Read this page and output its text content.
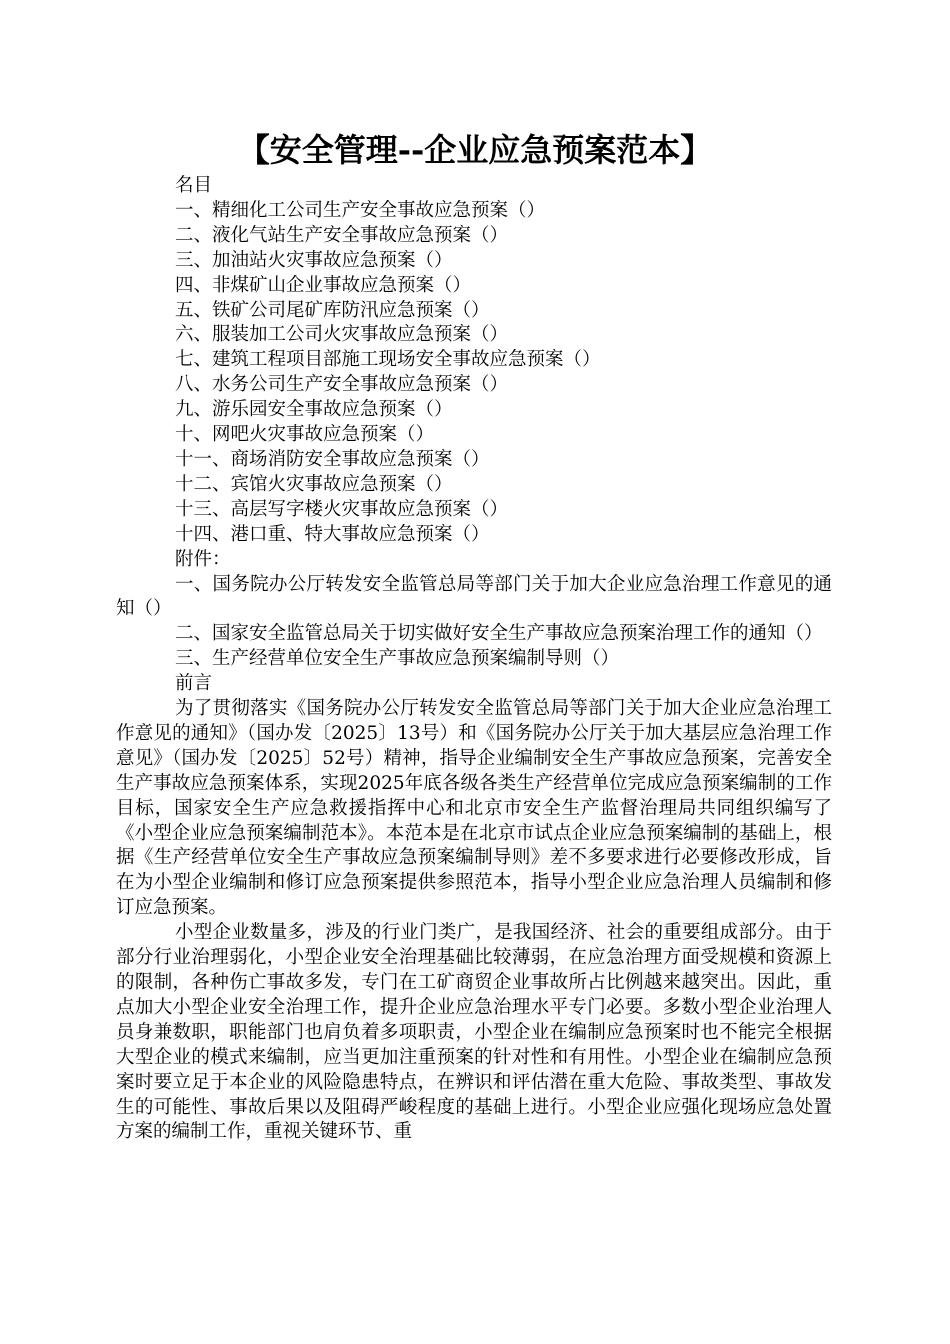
【安全管理--企业应急预案范本】
名目
一、精细化工公司生产安全事故应急预案（）
二、液化气站生产安全事故应急预案（）
三、加油站火灾事故应急预案（）
四、非煤矿山企业事故应急预案（）
五、铁矿公司尾矿库防汛应急预案（）
六、服装加工公司火灾事故应急预案（）
七、建筑工程项目部施工现场安全事故应急预案（）
八、水务公司生产安全事故应急预案（）
九、游乐园安全事故应急预案（）
十、网吧火灾事故应急预案（）
十一、商场消防安全事故应急预案（）
十二、宾馆火灾事故应急预案（）
十三、高层写字楼火灾事故应急预案（）
十四、港口重、特大事故应急预案（）
附件：

一、国务院办公厅转发安全监管总局等部门关于加大企业应急治理工作意见的通知（）

二、国家安全监管总局关于切实做好安全生产事故应急预案治理工作的通知（）

三、生产经营单位安全生产事故应急预案编制导则（）

前言

为了贯彻落实《国务院办公厅转发安全监管总局等部门关于加大企业应急治理工作意见的通知》（国办发〔2025〕13号）和《国务院办公厅关于加大基层应急治理工作意见》（国办发〔2025〕52号）精神，指导企业编制安全生产事故应急预案，完善安全生产事故应急预案体系，实现2025年底各级各类生产经营单位完成应急预案编制的工作目标，国家安全生产应急救援指挥中心和北京市安全生产监督治理局共同组织编写了《小型企业应急预案编制范本》。本范本是在北京市试点企业应急预案编制的基础上，根据《生产经营单位安全生产事故应急预案编制导则》差不多要求进行必要修改形成，旨在为小型企业编制和修订应急预案提供参照范本，指导小型企业应急治理人员编制和修订应急预案。

小型企业数量多，涉及的行业门类广，是我国经济、社会的重要组成部分。由于部分行业治理弱化，小型企业安全治理基础比较薄弱，在应急治理方面受规模和资源上的限制，各种伤亡事故多发，专门在工矿商贸企业事故所占比例越来越突出。因此，重点加大小型企业安全治理工作，提升企业应急治理水平专门必要。多数小型企业治理人员身兼数职，职能部门也肩负着多项职责，小型企业在编制应急预案时也不能完全根据大型企业的模式来编制，应当更加注重预案的针对性和有用性。小型企业在编制应急预案时要立足于本企业的风险隐患特点，在辨识和评估潜在重大危险、事故类型、事故发生的可能性、事故后果以及阻碍严峻程度的基础上进行。小型企业应强化现场应急处置方案的编制工作，重视关键环节、重
